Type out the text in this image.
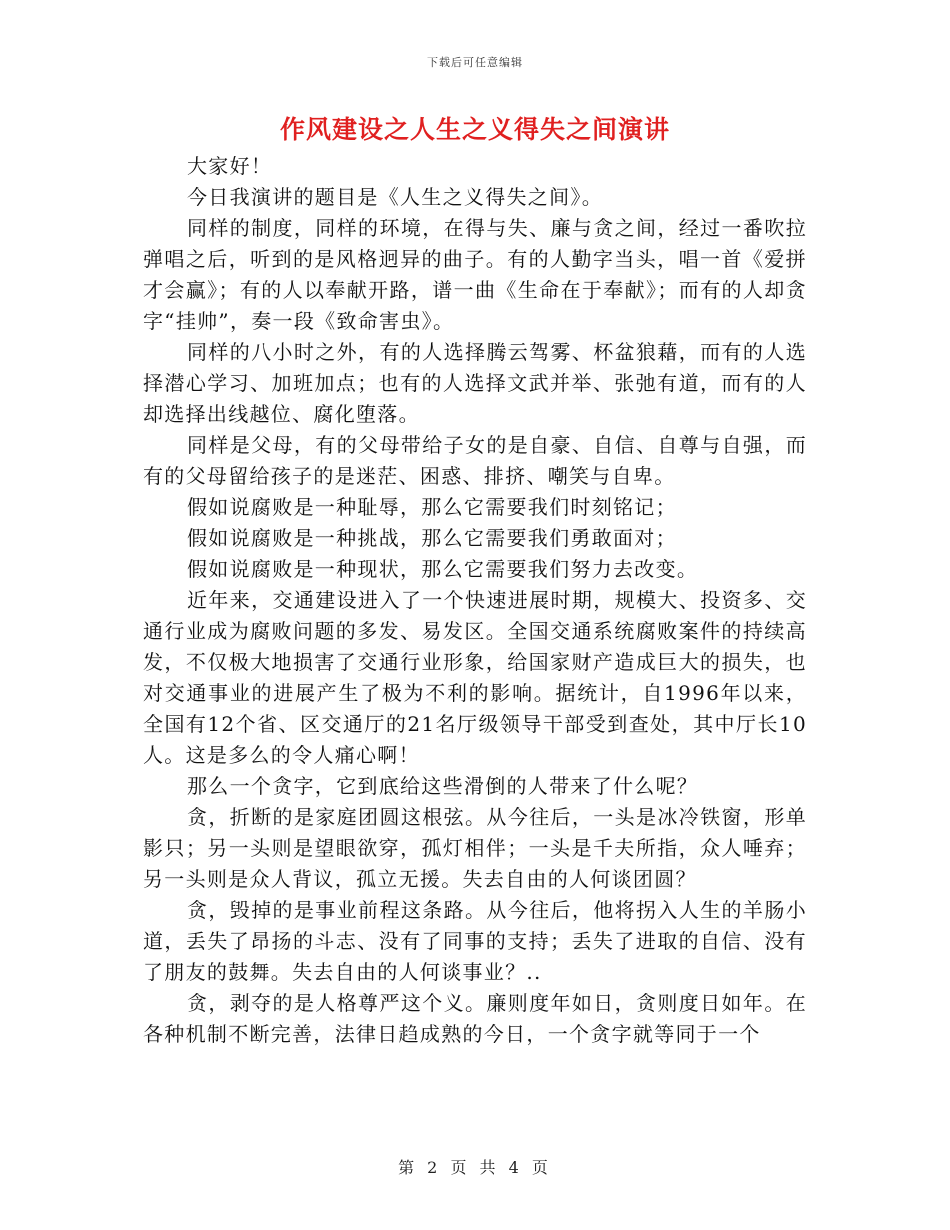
下载后可任意编辑
作风建设之人生之义得失之间演讲

大家好！

今日我演讲的题目是《人生之义得失之间》。

同样的制度，同样的环境，在得与失、廉与贪之间，经过一番吹拉弹唱之后，听到的是风格迥异的曲子。有的人勤字当头，唱一首《爱拼才会赢》；有的人以奉献开路，谱一曲《生命在于奉献》；而有的人却贪字“挂帅”，奏一段《致命害虫》。

同样的八小时之外，有的人选择腾云驾雾、杯盆狼藉，而有的人选择潜心学习、加班加点；也有的人选择文武并举、张弛有道，而有的人却选择出线越位、腐化堕落。

同样是父母，有的父母带给子女的是自豪、自信、自尊与自强，而有的父母留给孩子的是迷茫、困惑、排挤、嘲笑与自卑。

假如说腐败是一种耻辱，那么它需要我们时刻铭记；

假如说腐败是一种挑战，那么它需要我们勇敢面对；

假如说腐败是一种现状，那么它需要我们努力去改变。

近年来，交通建设进入了一个快速进展时期，规模大、投资多、交通行业成为腐败问题的多发、易发区。全国交通系统腐败案件的持续高发，不仅极大地损害了交通行业形象，给国家财产造成巨大的损失，也对交通事业的进展产生了极为不利的影响。据统计，自1996年以来，全国有12个省、区交通厅的21名厅级领导干部受到查处，其中厅长10人。这是多么的令人痛心啊！

那么一个贪字，它到底给这些滑倒的人带来了什么呢？

贪，折断的是家庭团圆这根弦。从今往后，一头是冰冷铁窗，形单影只；另一头则是望眼欲穿，孤灯相伴；一头是千夫所指，众人唾弃；另一头则是众人背议，孤立无援。失去自由的人何谈团圆？

贪，毁掉的是事业前程这条路。从今往后，他将拐入人生的羊肠小道，丢失了昂扬的斗志、没有了同事的支持；丢失了进取的自信、没有了朋友的鼓舞。失去自由的人何谈事业？..

贪，剥夺的是人格尊严这个义。廉则度年如日，贪则度日如年。在各种机制不断完善，法律日趋成熟的今日，一个贪字就等同于一个

第 2 页 共 4 页
